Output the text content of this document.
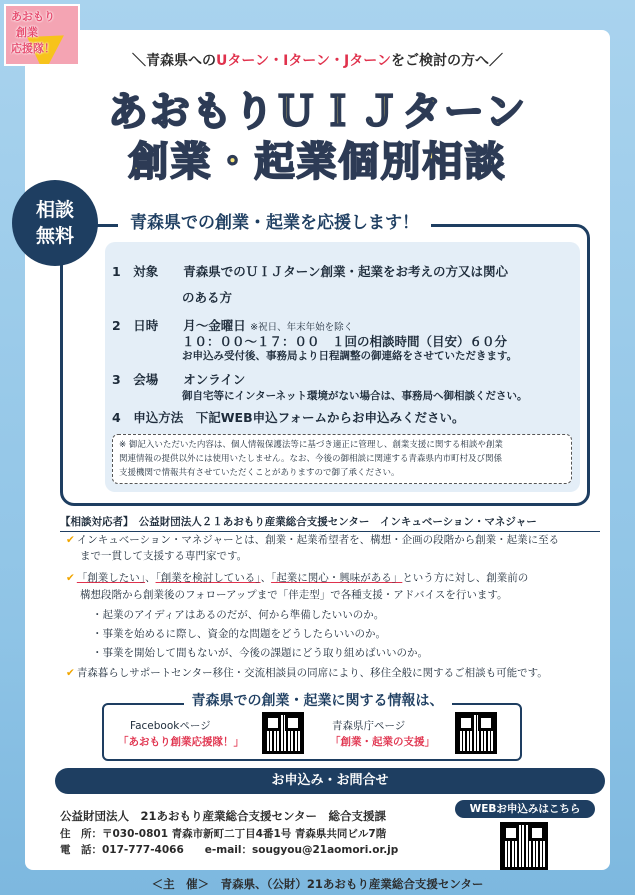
あおもり
創業
応援隊！
＼青森県へのUターン・Iターン・Jターンをご検討の方へ／
あおもりＵＩＪターン
創業・起業個別相談
青森県での創業・起業を応援します！
相談
無料
1　 対象　　 青森県でのＵＩＪターン創業・起業をお考えの方又は関心
のある方
2　 日時　　 月～金曜日 ※祝日、年末年始を除く
１０：００～１７：００　１回の相談時間（目安）６０分
お申込み受付後、事務局より日程調整の御連絡をさせていただきます。
3　 会場　　 オンライン
御自宅等にインターネット環境がない場合は、事務局へ御相談ください。
4　 申込方法　 下記WEB申込フォームからお申込みください。
※ 御記入いただいた内容は、個人情報保護法等に基づき適正に管理し、創業支援に関する相談や創業
関連情報の提供以外には使用いたしません。なお、今後の御相談に関連する青森県内市町村及び関係
支援機関で情報共有させていただくことがありますので御了承ください。
【相談対応者】　 公益財団法人２１あおもり産業総合支援センター　インキュベーション・マネジャー
✔ インキュベーション・マネジャーとは、創業・起業希望者を、構想・企画の段階から創業・起業に至る
まで一貫して支援する専門家です。
✔ 「創業したい」、「創業を検討している」、「起業に関心・興味がある」という方に対し、創業前の
構想段階から創業後のフォローアップまで「伴走型」で各種支援・アドバイスを行います。
・起業のアイディアはあるのだが、何から準備したいいのか。
・事業を始めるに際し、資金的な問題をどうしたらいいのか。
・事業を開始して間もないが、今後の課題にどう取り組めばいいのか。
✔ 青森暮らしサポートセンター移住・交流相談員の同席により、移住全般に関するご相談も可能です。
青森県での創業・起業に関する情報は、
Facebookページ
「あおもり創業応援隊！」
青森県庁ページ
「創業・起業の支援」
お申込み・お問合せ
公益財団法人　21あおもり産業総合支援センター　総合支援課
住　所：〒030-0801 青森市新町二丁目4番1号 青森県共同ビル7階
電　話：017-777-4066　　e-mail：sougyou@21aomori.or.jp
WEBお申込みはこちら
＜主　催＞　青森県、（公財）21あおもり産業総合支援センター
